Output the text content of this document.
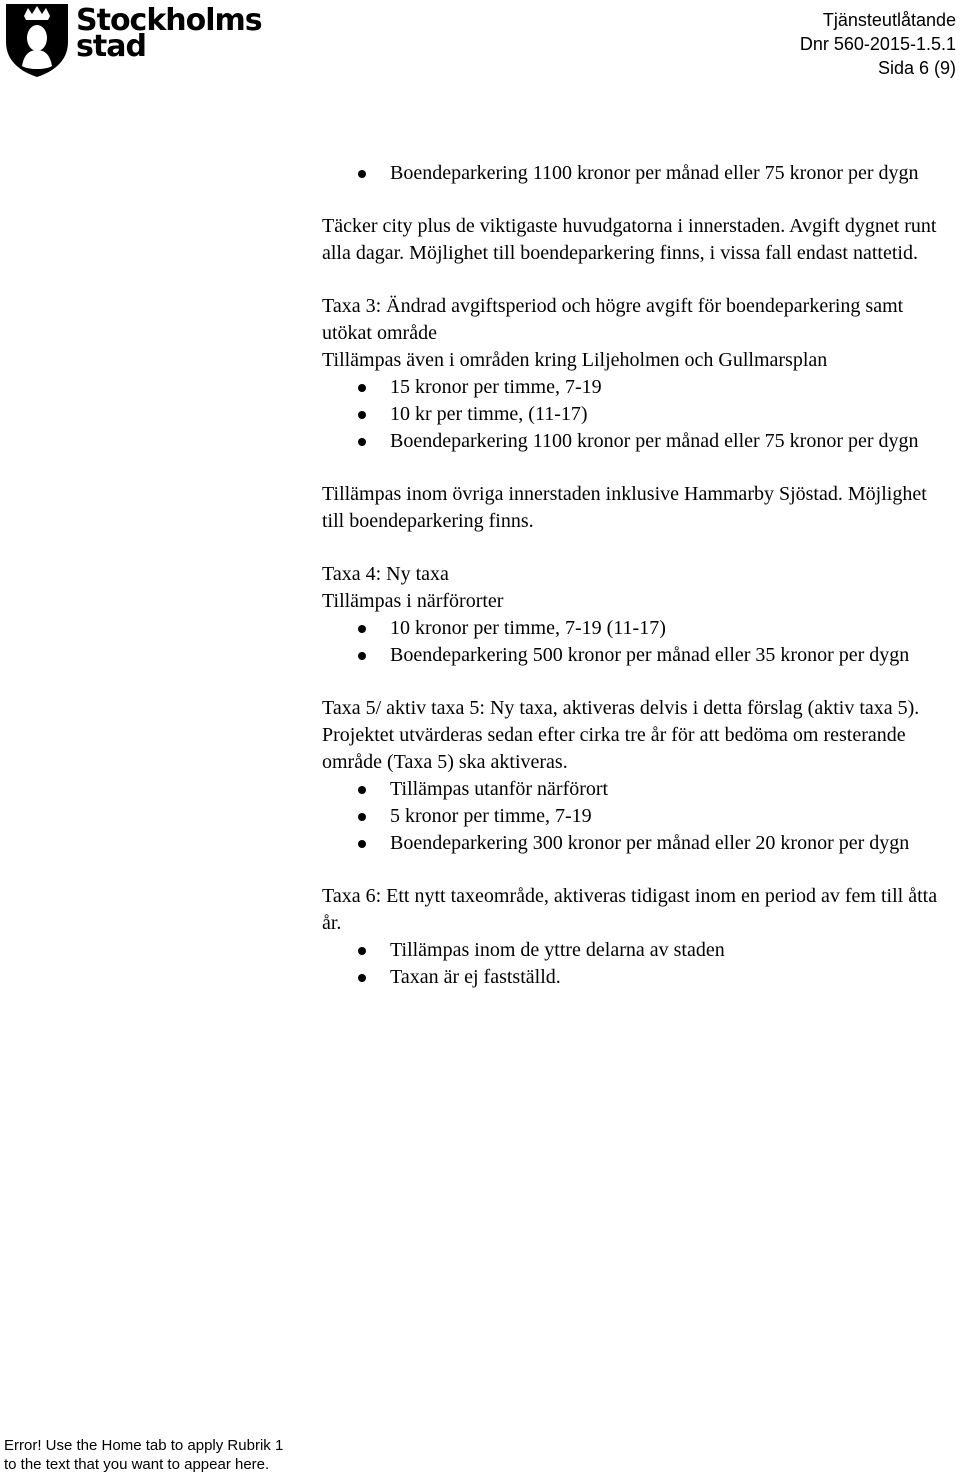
Stockholms
stad
Tjänsteutlåtande
Dnr 560-2015-1.5.1
Sida 6 (9)
Boendeparkering 1100 kronor per månad eller 75 kronor per dygn

Täcker city plus de viktigaste huvudgatorna i innerstaden. Avgift dygnet runt alla dagar. Möjlighet till boendeparkering finns, i vissa fall endast nattetid.

Taxa 3: Ändrad avgiftsperiod och högre avgift för boendeparkering samt utökat område

Tillämpas även i områden kring Liljeholmen och Gullmarsplan

15 kronor per timme, 7-19
10 kr per timme, (11-17)
Boendeparkering 1100 kronor per månad eller 75 kronor per dygn

Tillämpas inom övriga innerstaden inklusive Hammarby Sjöstad. Möjlighet till boendeparkering finns.

Taxa 4: Ny taxa

Tillämpas i närförorter

10 kronor per timme, 7-19 (11-17)
Boendeparkering 500 kronor per månad eller 35 kronor per dygn

Taxa 5/ aktiv taxa 5: Ny taxa, aktiveras delvis i detta förslag (aktiv taxa 5). Projektet utvärderas sedan efter cirka tre år för att bedöma om resterande område (Taxa 5) ska aktiveras.

Tillämpas utanför närförort
5 kronor per timme, 7-19
Boendeparkering 300 kronor per månad eller 20 kronor per dygn

Taxa 6: Ett nytt taxeområde, aktiveras tidigast inom en period av fem till åtta år.

Tillämpas inom de yttre delarna av staden
Taxan är ej fastställd.
Error! Use the Home tab to apply Rubrik 1
to the text that you want to appear here.
